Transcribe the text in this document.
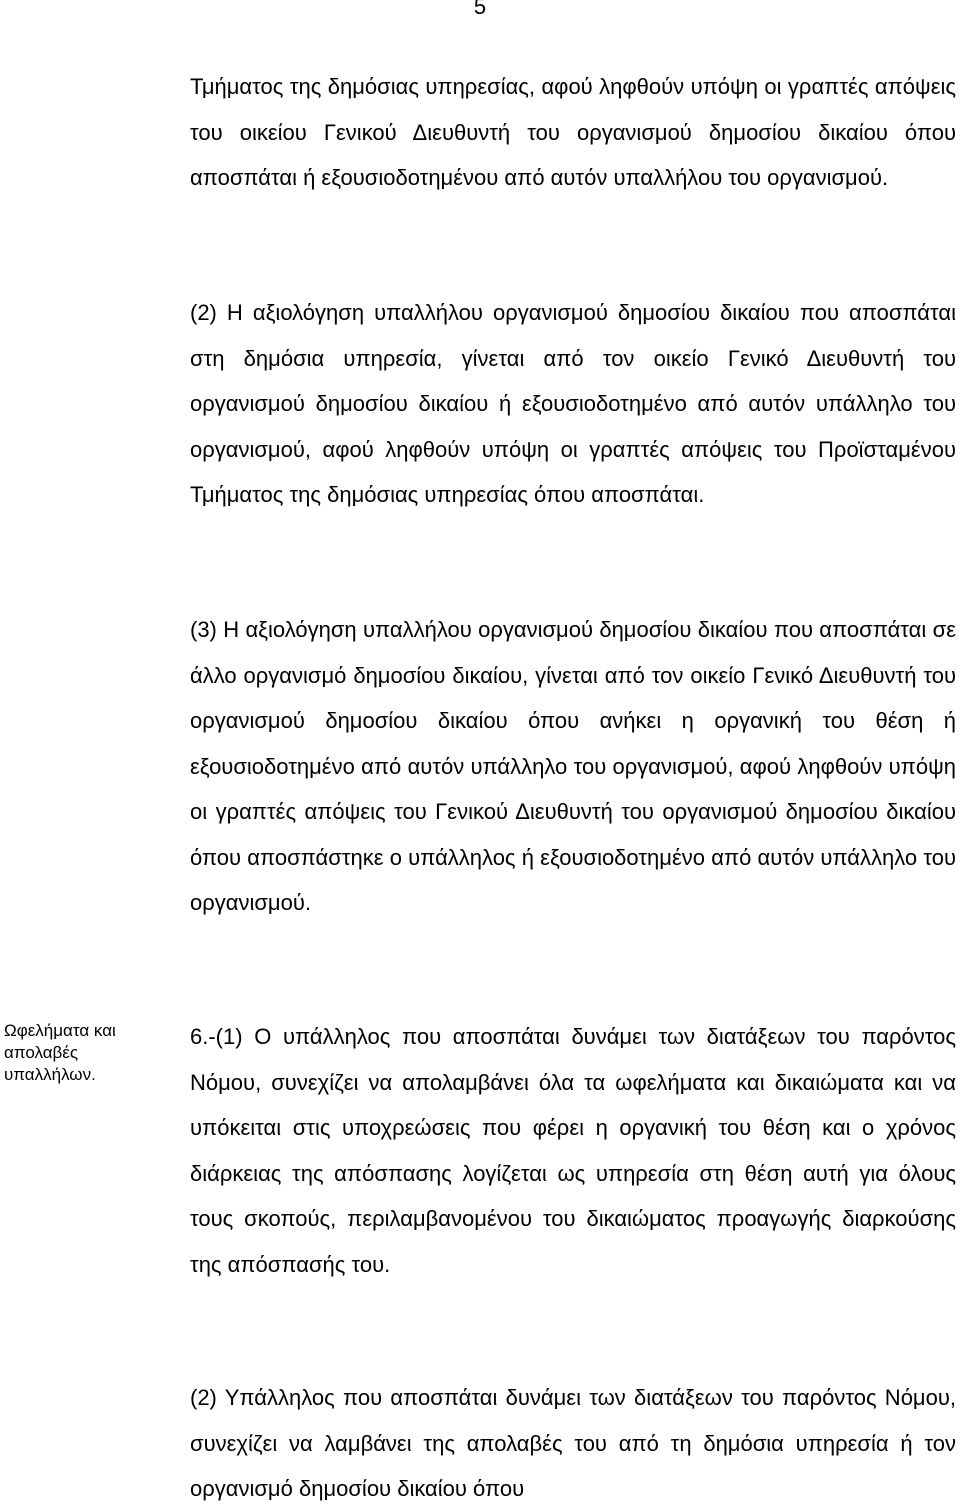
5

Τμήματος της δημόσιας υπηρεσίας, αφού ληφθούν υπόψη οι γραπτές απόψεις του οικείου Γενικού Διευθυντή του οργανισμού δημοσίου δικαίου όπου αποσπάται ή εξουσιοδοτημένου από αυτόν υπαλλήλου του οργανισμού.

(2) Η αξιολόγηση υπαλλήλου οργανισμού δημοσίου δικαίου που αποσπάται στη δημόσια υπηρεσία, γίνεται από τον οικείο Γενικό Διευθυντή του οργανισμού δημοσίου δικαίου ή εξουσιοδοτημένο από αυτόν υπάλληλο του οργανισμού, αφού ληφθούν υπόψη οι γραπτές απόψεις του Προϊσταμένου Τμήματος της δημόσιας υπηρεσίας όπου αποσπάται.

(3) Η αξιολόγηση υπαλλήλου οργανισμού δημοσίου δικαίου που αποσπάται σε άλλο οργανισμό δημοσίου δικαίου, γίνεται από τον οικείο Γενικό Διευθυντή του οργανισμού δημοσίου δικαίου όπου ανήκει η οργανική του θέση ή εξουσιοδοτημένο από αυτόν υπάλληλο του οργανισμού, αφού ληφθούν υπόψη οι γραπτές απόψεις του Γενικού Διευθυντή του οργανισμού δημοσίου δικαίου όπου αποσπάστηκε ο υπάλληλος ή εξουσιοδοτημένο από αυτόν υπάλληλο του οργανισμού.

Ωφελήματα και απολαβές υπαλλήλων.

6.-(1) Ο υπάλληλος που αποσπάται δυνάμει των διατάξεων του παρόντος Νόμου, συνεχίζει να απολαμβάνει όλα τα ωφελήματα και δικαιώματα και να υπόκειται στις υποχρεώσεις που φέρει η οργανική του θέση και ο χρόνος διάρκειας της απόσπασης λογίζεται ως υπηρεσία στη θέση αυτή για όλους τους σκοπούς, περιλαμβανομένου του δικαιώματος προαγωγής διαρκούσης της απόσπασής του.

(2) Υπάλληλος που αποσπάται δυνάμει των διατάξεων του παρόντος Νόμου, συνεχίζει να λαμβάνει της απολαβές του από τη δημόσια υπηρεσία ή τον οργανισμό δημοσίου δικαίου όπου
